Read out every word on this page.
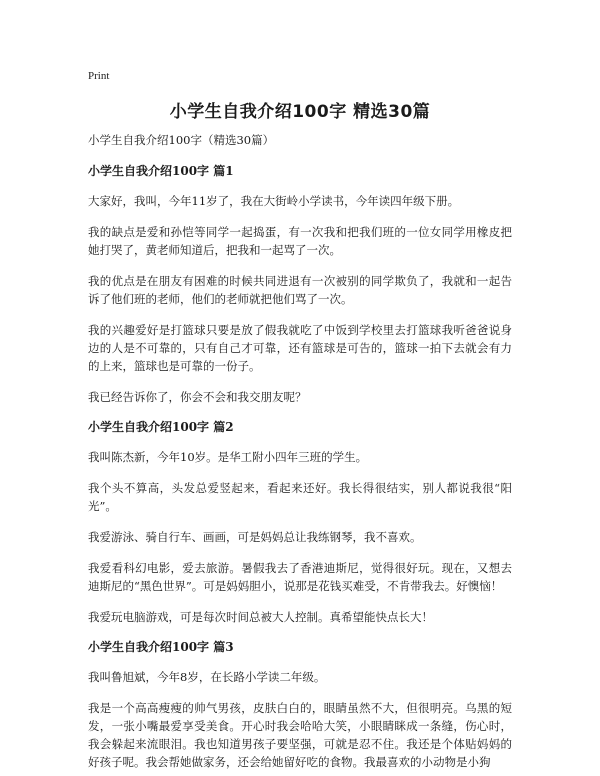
Print
小学生自我介绍100字 精选30篇
小学生自我介绍100字（精选30篇）
小学生自我介绍100字 篇1

大家好，我叫，今年11岁了，我在大街岭小学读书，今年读四年级下册。

我的缺点是爱和孙恺等同学一起捣蛋，有一次我和把我们班的一位女同学用橡皮把她打哭了，黄老师知道后，把我和一起骂了一次。

我的优点是在朋友有困难的时候共同进退有一次被别的同学欺负了，我就和一起告诉了他们班的老师，他们的老师就把他们骂了一次。

我的兴趣爱好是打篮球只要是放了假我就吃了中饭到学校里去打篮球我听爸爸说身边的人是不可靠的，只有自己才可靠，还有篮球是可告的，篮球一拍下去就会有力的上来，篮球也是可靠的一份子。

我已经告诉你了，你会不会和我交朋友呢？

小学生自我介绍100字 篇2

我叫陈杰新，今年10岁。是华工附小四年三班的学生。

我个头不算高，头发总爱竖起来，看起来还好。我长得很结实，别人都说我很“阳光”。

我爱游泳、骑自行车、画画，可是妈妈总让我练钢琴，我不喜欢。

我爱看科幻电影，爱去旅游。暑假我去了香港迪斯尼，觉得很好玩。现在，又想去迪斯尼的“黑色世界”。可是妈妈胆小，说那是花钱买难受，不肯带我去。好懊恼！

我爱玩电脑游戏，可是每次时间总被大人控制。真希望能快点长大！

小学生自我介绍100字 篇3

我叫鲁旭斌，今年8岁，在长路小学读二年级。

我是一个高高瘦瘦的帅气男孩，皮肤白白的，眼睛虽然不大，但很明亮。乌黑的短发，一张小嘴最爱享受美食。开心时我会哈哈大笑，小眼睛眯成一条缝，伤心时，我会躲起来流眼泪。我也知道男孩子要坚强，可就是忍不住。我还是个体贴妈妈的好孩子呢。我会帮她做家务，还会给她留好吃的食物。我最喜欢的小动物是小狗
